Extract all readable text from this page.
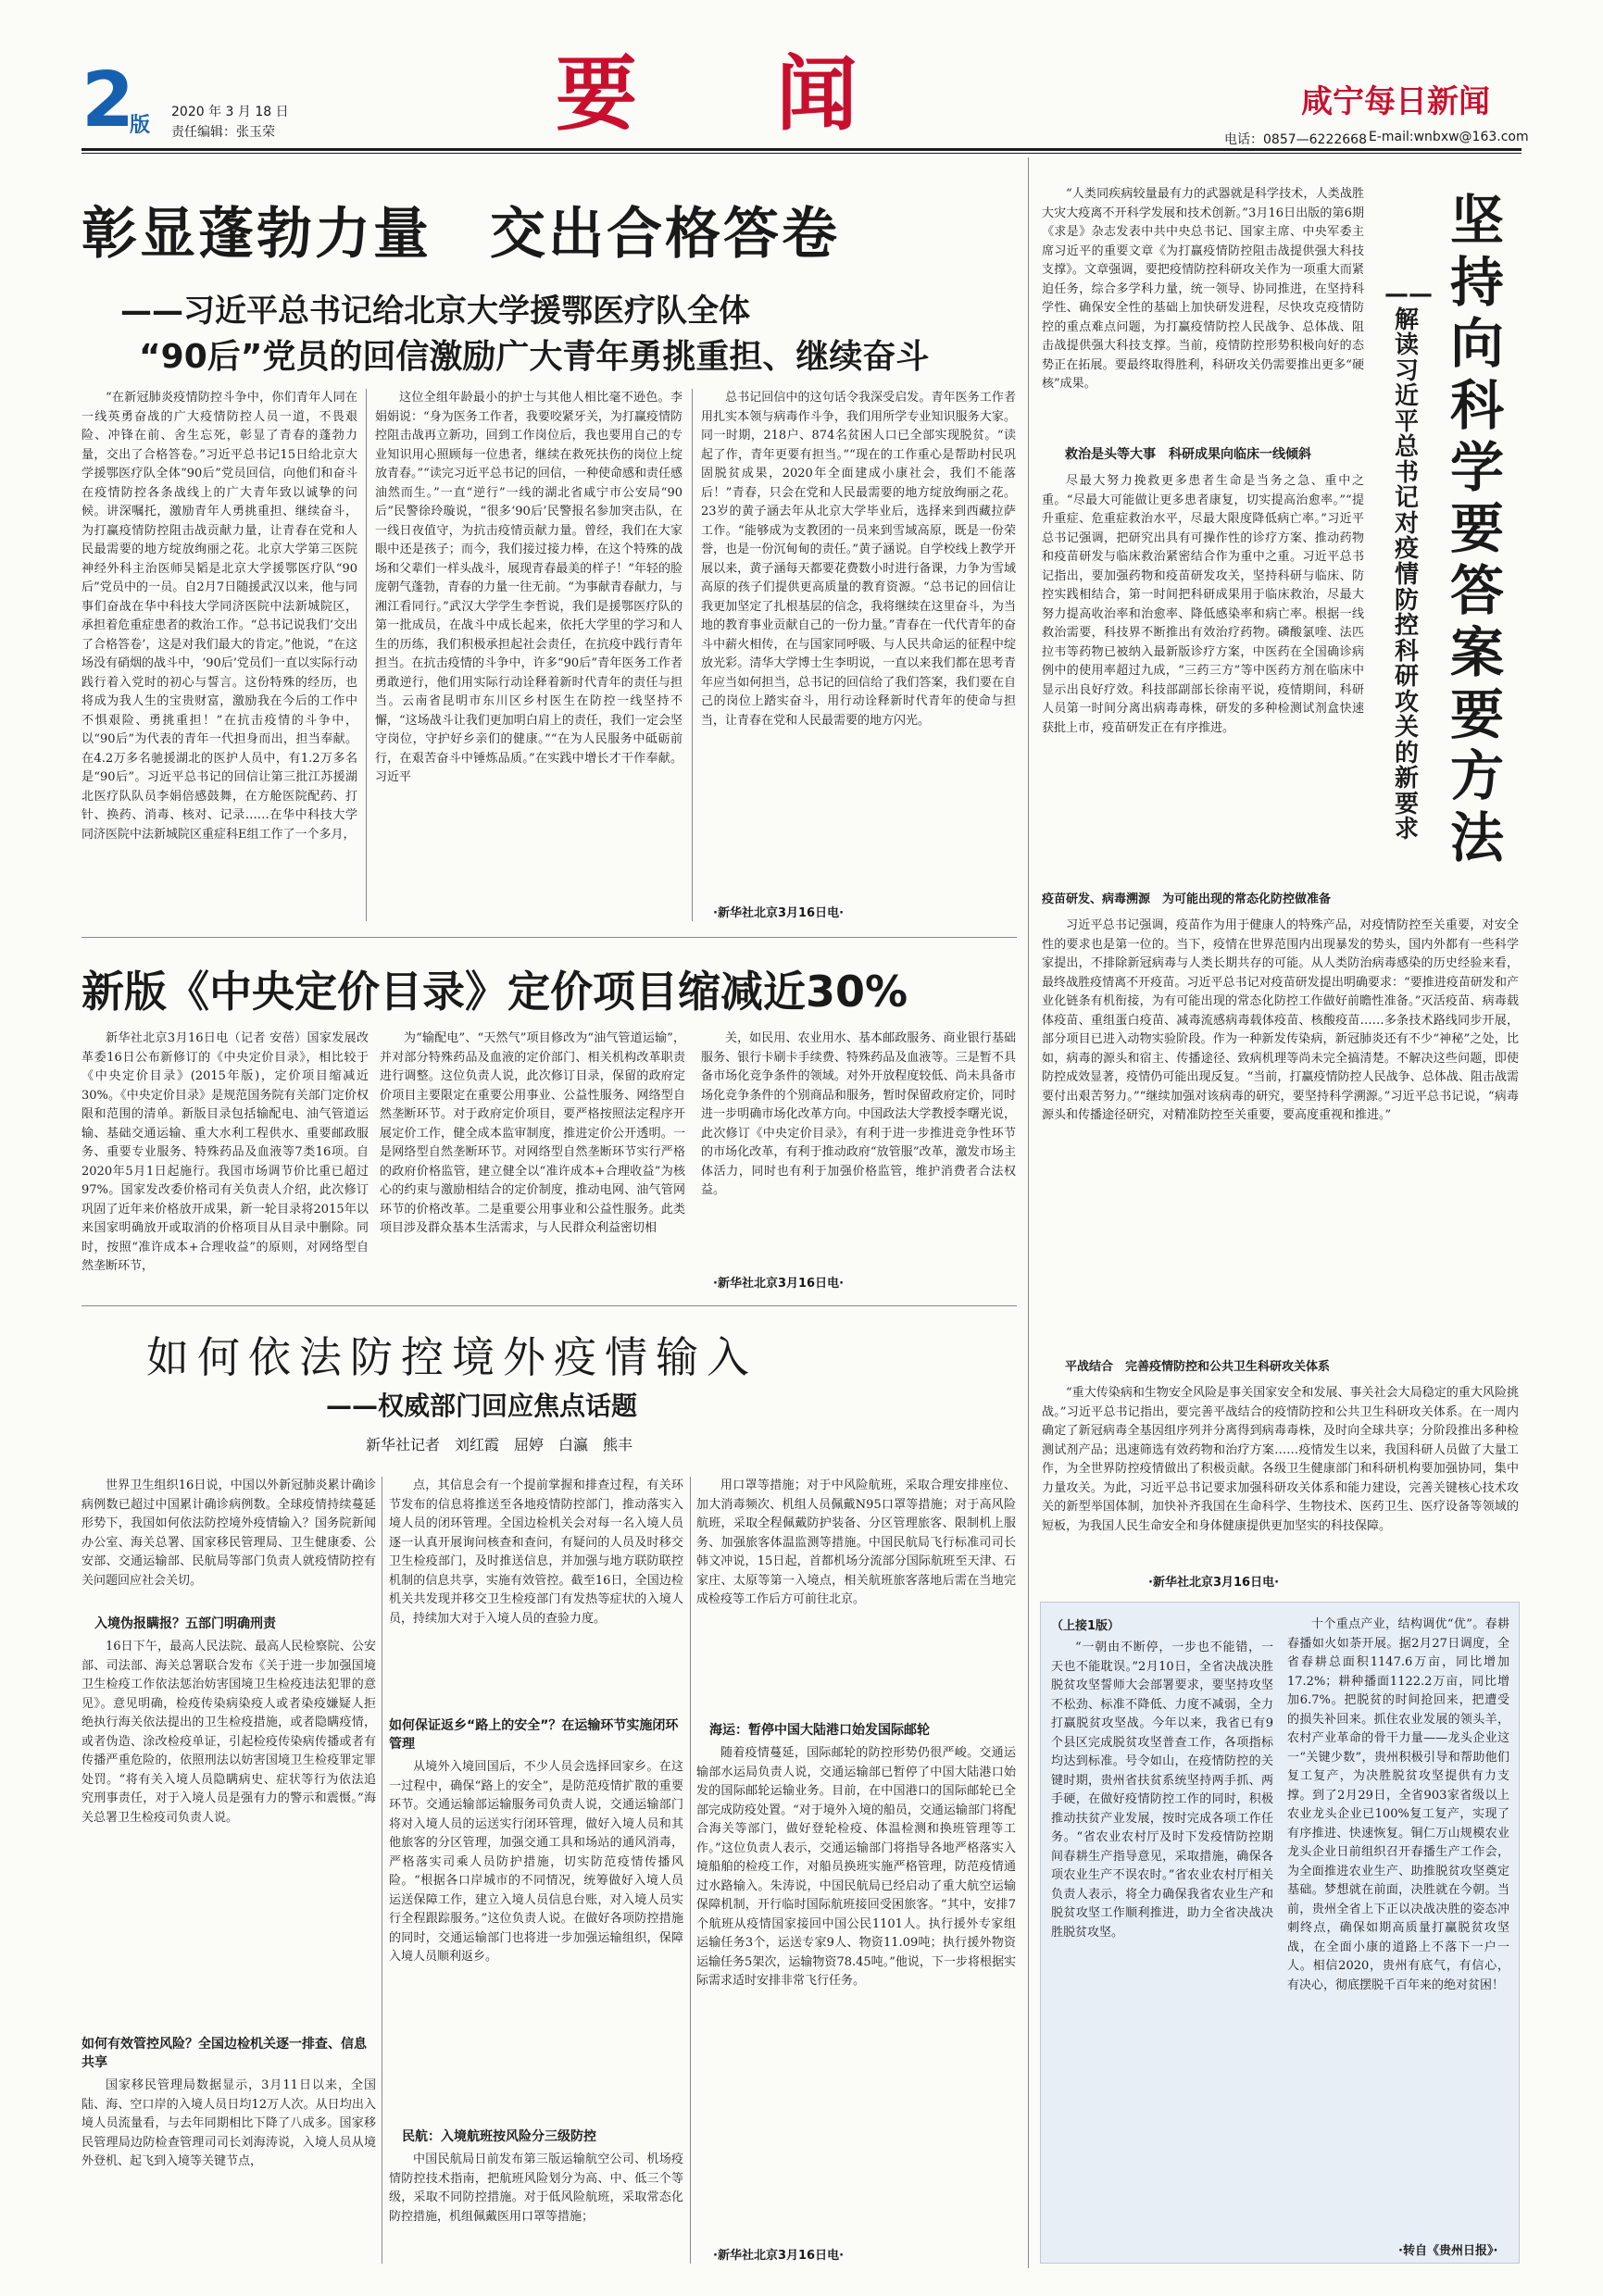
2
版
2020 年 3 月 18 日
责任编辑：张玉荣	要闻	咸宁每日新闻
电话：0857—6222668 E-mail:wnbxw@163.com
彰显蓬勃力量　交出合格答卷
——习近平总书记给北京大学援鄂医疗队全体
“90后”党员的回信激励广大青年勇挑重担、继续奋斗

“在新冠肺炎疫情防控斗争中，你们青年人同在一线英勇奋战的广大疫情防控人员一道，不畏艰险、冲锋在前、舍生忘死，彰显了青春的蓬勃力量，交出了合格答卷。”习近平总书记15日给北京大学援鄂医疗队全体“90后”党员回信，向他们和奋斗在疫情防控各条战线上的广大青年致以诚挚的问候。讲深嘱托，激励青年人勇挑重担、继续奋斗，为打赢疫情防控阻击战贡献力量，让青春在党和人民最需要的地方绽放绚丽之花。北京大学第三医院神经外科主治医师吴韬是北京大学援鄂医疗队“90后”党员中的一员。自2月7日随援武汉以来，他与同事们奋战在华中科技大学同济医院中法新城院区，承担着危重症患者的救治工作。“总书记说我们‘交出了合格答卷’，这是对我们最大的肯定。”他说，“在这场没有硝烟的战斗中，‘90后’党员们一直以实际行动践行着入党时的初心与誓言。这份特殊的经历，也将成为我人生的宝贵财富，激励我在今后的工作中不惧艰险、勇挑重担！”在抗击疫情的斗争中，以“90后”为代表的青年一代担身而出，担当奉献。在4.2万多名驰援湖北的医护人员中，有1.2万多名是“90后”。习近平总书记的回信让第三批江苏援湖北医疗队队员李娟倍感鼓舞，在方舱医院配药、打针、换药、消毒、核对、记录……在华中科技大学同济医院中法新城院区重症科E组工作了一个多月，

这位全组年龄最小的护士与其他人相比毫不逊色。李娟娟说：“身为医务工作者，我要咬紧牙关，为打赢疫情防控阻击战再立新功，回到工作岗位后，我也要用自己的专业知识用心照顾每一位患者，继续在救死扶伤的岗位上绽放青春。”“读完习近平总书记的回信，一种使命感和责任感油然而生。”一直“逆行”一线的湖北省咸宁市公安局“90后”民警徐玲璇说，“很多‘90后’民警报名参加突击队，在一线日夜值守，为抗击疫情贡献力量。曾经，我们在大家眼中还是孩子；而今，我们接过接力棒，在这个特殊的战场和父辈们一样头战斗，展现青春最美的样子！”年轻的脸庞朝气蓬勃，青春的力量一往无前。“为事献青春献力，与湘江看同行。”武汉大学学生李哲说，我们是援鄂医疗队的第一批成员，在战斗中成长起来，依托大学里的学习和人生的历练，我们积极承担起社会责任，在抗疫中践行青年担当。在抗击疫情的斗争中，许多“90后”青年医务工作者勇敢逆行，他们用实际行动诠释着新时代青年的责任与担当。云南省昆明市东川区乡村医生在防控一线坚持不懈，“这场战斗让我们更加明白肩上的责任，我们一定会坚守岗位，守护好乡亲们的健康。”“在为人民服务中砥砺前行，在艰苦奋斗中锤炼品质。”在实践中增长才干作奉献。习近平

总书记回信中的这句话令我深受启发。青年医务工作者用扎实本领与病毒作斗争，我们用所学专业知识服务大家。同一时期，218户、874名贫困人口已全部实现脱贫。“读起了作，青年更要有担当。”“现在的工作重心是帮助村民巩固脱贫成果，2020年全面建成小康社会，我们不能落后！”青春，只会在党和人民最需要的地方绽放绚丽之花。23岁的黄子涵去年从北京大学毕业后，选择来到西藏拉萨工作。“能够成为支教团的一员来到雪域高原，既是一份荣誉，也是一份沉甸甸的责任。”黄子涵说。自学校线上教学开展以来，黄子涵每天都要花费数小时进行备课，力争为雪域高原的孩子们提供更高质量的教育资源。“总书记的回信让我更加坚定了扎根基层的信念，我将继续在这里奋斗，为当地的教育事业贡献自己的一份力量。”青春在一代代青年的奋斗中薪火相传，在与国家同呼吸、与人民共命运的征程中绽放光彩。清华大学博士生李明说，一直以来我们都在思考青年应当如何担当，总书记的回信给了我们答案，我们要在自己的岗位上踏实奋斗，用行动诠释新时代青年的使命与担当，让青春在党和人民最需要的地方闪光。

·新华社北京3月16日电·
新版《中央定价目录》定价项目缩减近30%

新华社北京3月16日电（记者 安蓓）国家发展改革委16日公布新修订的《中央定价目录》，相比较于《中央定价目录》(2015年版)，定价项目缩减近30%。《中央定价目录》是规范国务院有关部门定价权限和范围的清单。新版目录包括输配电、油气管道运输、基础交通运输、重大水利工程供水、重要邮政服务、重要专业服务、特殊药品及血液等7类16项。自2020年5月1日起施行。我国市场调节价比重已超过97%。国家发改委价格司有关负责人介绍，此次修订巩固了近年来价格放开成果，新一轮目录将2015年以来国家明确放开或取消的价格项目从目录中删除。同时，按照“准许成本+合理收益”的原则，对网络型自然垄断环节，

为“输配电”、“天然气”项目修改为“油气管道运输”，并对部分特殊药品及血液的定价部门、相关机构改革职责进行调整。这位负责人说，此次修订目录，保留的政府定价项目主要限定在重要公用事业、公益性服务、网络型自然垄断环节。对于政府定价项目，要严格按照法定程序开展定价工作，健全成本监审制度，推进定价公开透明。一是网络型自然垄断环节。对网络型自然垄断环节实行严格的政府价格监管，建立健全以“准许成本+合理收益”为核心的约束与激励相结合的定价制度，推动电网、油气管网环节的价格改革。二是重要公用事业和公益性服务。此类项目涉及群众基本生活需求，与人民群众利益密切相

关，如民用、农业用水、基本邮政服务、商业银行基础服务、银行卡刷卡手续费、特殊药品及血液等。三是暂不具备市场化竞争条件的领域。对外开放程度较低、尚未具备市场化竞争条件的个别商品和服务，暂时保留政府定价，同时进一步明确市场化改革方向。中国政法大学教授李曙光说，此次修订《中央定价目录》，有利于进一步推进竞争性环节的市场化改革，有利于推动政府“放管服”改革，激发市场主体活力，同时也有利于加强价格监管，维护消费者合法权益。

·新华社北京3月16日电·
如何依法防控境外疫情输入
——权威部门回应焦点话题
新华社记者　刘红霞　屈婷　白瀛　熊丰

世界卫生组织16日说，中国以外新冠肺炎累计确诊病例数已超过中国累计确诊病例数。全球疫情持续蔓延形势下，我国如何依法防控境外疫情输入？国务院新闻办公室、海关总署、国家移民管理局、卫生健康委、公安部、交通运输部、民航局等部门负责人就疫情防控有关问题回应社会关切。

入境伪报瞒报？五部门明确刑责

16日下午，最高人民法院、最高人民检察院、公安部、司法部、海关总署联合发布《关于进一步加强国境卫生检疫工作依法惩治妨害国境卫生检疫违法犯罪的意见》。意见明确，检疫传染病染疫人或者染疫嫌疑人拒绝执行海关依法提出的卫生检疫措施，或者隐瞒疫情，或者伪造、涂改检疫单证，引起检疫传染病传播或者有传播严重危险的，依照刑法以妨害国境卫生检疫罪定罪处罚。“将有关入境人员隐瞒病史、症状等行为依法追究刑事责任，对于入境人员是强有力的警示和震慑。”海关总署卫生检疫司负责人说。

如何有效管控风险？全国边检机关逐一排查、信息共享

国家移民管理局数据显示，3月11日以来，全国陆、海、空口岸的入境人员日均12万人次。从日均出入境人员流量看，与去年同期相比下降了八成多。国家移民管理局边防检查管理司司长刘海涛说，入境人员从境外登机、起飞到入境等关键节点，

点，其信息会有一个提前掌握和排查过程，有关环节发布的信息将推送至各地疫情防控部门，推动落实入境人员的闭环管理。全国边检机关会对每一名入境人员逐一认真开展询问核查和查问，有疑问的人员及时移交卫生检疫部门，及时推送信息，并加强与地方联防联控机制的信息共享，实施有效管控。截至16日，全国边检机关共发现并移交卫生检疫部门有发热等症状的入境人员，持续加大对于入境人员的查验力度。

如何保证返乡“路上的安全”？在运输环节实施闭环管理

从境外入境回国后，不少人员会选择回家乡。在这一过程中，确保“路上的安全”，是防范疫情扩散的重要环节。交通运输部运输服务司负责人说，交通运输部门将对入境人员的运送实行闭环管理，做好入境人员和其他旅客的分区管理，加强交通工具和场站的通风消毒，严格落实司乘人员防护措施，切实防范疫情传播风险。“根据各口岸城市的不同情况，统筹做好入境人员运送保障工作，建立入境人员信息台账，对入境人员实行全程跟踪服务。”这位负责人说。在做好各项防控措施的同时，交通运输部门也将进一步加强运输组织，保障入境人员顺利返乡。

民航：入境航班按风险分三级防控

中国民航局日前发布第三版运输航空公司、机场疫情防控技术指南，把航班风险划分为高、中、低三个等级，采取不同防控措施。对于低风险航班，采取常态化防控措施，机组佩戴医用口罩等措施；

用口罩等措施；对于中风险航班，采取合理安排座位、加大消毒频次、机组人员佩戴N95口罩等措施；对于高风险航班，采取全程佩戴防护装备、分区管理旅客、限制机上服务、加强旅客体温监测等措施。中国民航局飞行标准司司长韩文冲说，15日起，首都机场分流部分国际航班至天津、石家庄、太原等第一入境点，相关航班旅客落地后需在当地完成检疫等工作后方可前往北京。

海运：暂停中国大陆港口始发国际邮轮

随着疫情蔓延，国际邮轮的防控形势仍很严峻。交通运输部水运局负责人说，交通运输部已暂停了中国大陆港口始发的国际邮轮运输业务。目前，在中国港口的国际邮轮已全部完成防疫处置。“对于境外入境的船员，交通运输部门将配合海关等部门，做好登轮检疫、体温检测和换班管理等工作。”这位负责人表示，交通运输部门将指导各地严格落实入境船舶的检疫工作，对船员换班实施严格管理，防范疫情通过水路输入。朱涛说，中国民航局已经启动了重大航空运输保障机制，开行临时国际航班接回受困旅客。“其中，安排7个航班从疫情国家接回中国公民1101人。执行援外专家组运输任务3个，运送专家9人、物资11.09吨；执行援外物资运输任务5架次，运输物资78.45吨。”他说，下一步将根据实际需求适时安排非常飞行任务。

·新华社北京3月16日电·
坚持向科学要答案要方法
——解读习近平总书记对疫情防控科研攻关的新要求

“人类同疾病较量最有力的武器就是科学技术，人类战胜大灾大疫离不开科学发展和技术创新。”3月16日出版的第6期《求是》杂志发表中共中央总书记、国家主席、中央军委主席习近平的重要文章《为打赢疫情防控阻击战提供强大科技支撑》。文章强调，要把疫情防控科研攻关作为一项重大而紧迫任务，综合多学科力量，统一领导、协同推进，在坚持科学性、确保安全性的基础上加快研发进程，尽快攻克疫情防控的重点难点问题，为打赢疫情防控人民战争、总体战、阻击战提供强大科技支撑。当前，疫情防控形势积极向好的态势正在拓展。要最终取得胜利，科研攻关仍需要推出更多“硬核”成果。

救治是头等大事　科研成果向临床一线倾斜

尽最大努力挽救更多患者生命是当务之急、重中之重。“尽最大可能做让更多患者康复，切实提高治愈率。”“提升重症、危重症救治水平，尽最大限度降低病亡率。”习近平总书记强调，把研究出具有可操作性的诊疗方案、推动药物和疫苗研发与临床救治紧密结合作为重中之重。习近平总书记指出，要加强药物和疫苗研发攻关，坚持科研与临床、防控实践相结合，第一时间把科研成果用于临床救治，尽最大努力提高收治率和治愈率、降低感染率和病亡率。根据一线救治需要，科技界不断推出有效治疗药物。磷酸氯喹、法匹拉韦等药物已被纳入最新版诊疗方案，中医药在全国确诊病例中的使用率超过九成，“三药三方”等中医药方剂在临床中显示出良好疗效。科技部副部长徐南平说，疫情期间，科研人员第一时间分离出病毒毒株，研发的多种检测试剂盒快速获批上市，疫苗研发正在有序推进。

疫苗研发、病毒溯源　为可能出现的常态化防控做准备

习近平总书记强调，疫苗作为用于健康人的特殊产品，对疫情防控至关重要，对安全性的要求也是第一位的。当下，疫情在世界范围内出现暴发的势头，国内外都有一些科学家提出，不排除新冠病毒与人类长期共存的可能。从人类防治病毒感染的历史经验来看，最终战胜疫情离不开疫苗。习近平总书记对疫苗研发提出明确要求：“要推进疫苗研发和产业化链条有机衔接，为有可能出现的常态化防控工作做好前瞻性准备。”灭活疫苗、病毒载体疫苗、重组蛋白疫苗、减毒流感病毒载体疫苗、核酸疫苗……多条技术路线同步开展，部分项目已进入动物实验阶段。作为一种新发传染病，新冠肺炎还有不少“神秘”之处，比如，病毒的源头和宿主、传播途径、致病机理等尚未完全搞清楚。不解决这些问题，即使防控成效显著，疫情仍可能出现反复。“当前，打赢疫情防控人民战争、总体战、阻击战需要付出艰苦努力。”“继续加强对该病毒的研究，要坚持科学溯源。”习近平总书记说，“病毒源头和传播途径研究，对精准防控至关重要，要高度重视和推进。”

平战结合　完善疫情防控和公共卫生科研攻关体系

“重大传染病和生物安全风险是事关国家安全和发展、事关社会大局稳定的重大风险挑战。”习近平总书记指出，要完善平战结合的疫情防控和公共卫生科研攻关体系。在一周内确定了新冠病毒全基因组序列并分离得到病毒毒株，及时向全球共享；分阶段推出多种检测试剂产品；迅速筛选有效药物和治疗方案……疫情发生以来，我国科研人员做了大量工作，为全世界防控疫情做出了积极贡献。各级卫生健康部门和科研机构要加强协同，集中力量攻关。为此，习近平总书记要求加强科研攻关体系和能力建设，完善关键核心技术攻关的新型举国体制，加快补齐我国在生命科学、生物技术、医药卫生、医疗设备等领域的短板，为我国人民生命安全和身体健康提供更加坚实的科技保障。

·新华社北京3月16日电·
（上接1版）

“一朝由不断停，一步也不能错，一天也不能耽误。”2月10日，全省决战决胜脱贫攻坚誓师大会部署要求，要坚持攻坚不松劲、标准不降低、力度不减弱，全力打赢脱贫攻坚战。今年以来，我省已有9个县区完成脱贫攻坚普查工作，各项指标均达到标准。号令如山，在疫情防控的关键时期，贵州省扶贫系统坚持两手抓、两手硬，在做好疫情防控工作的同时，积极推动扶贫产业发展，按时完成各项工作任务。“省农业农村厅及时下发疫情防控期间春耕生产指导意见，采取措施，确保各项农业生产不误农时。”省农业农村厅相关负责人表示，将全力确保我省农业生产和脱贫攻坚工作顺利推进，助力全省决战决胜脱贫攻坚。

十个重点产业，结构调优“优”。春耕春播如火如荼开展。据2月27日调度，全省春耕总面积1147.6万亩，同比增加17.2%；耕种播面1122.2万亩，同比增加6.7%。把脱贫的时间抢回来，把遭受的损失补回来。抓住农业发展的领头羊，农村产业革命的骨干力量——龙头企业这一“关键少数”，贵州积极引导和帮助他们复工复产，为决胜脱贫攻坚提供有力支撑。到了2月29日，全省903家省级以上农业龙头企业已100%复工复产，实现了有序推进、快速恢复。铜仁万山规模农业龙头企业日前组织召开春播生产工作会，为全面推进农业生产、助推脱贫攻坚奠定基础。梦想就在前面，决胜就在今朝。当前，贵州全省上下正以决战决胜的姿态冲刺终点，确保如期高质量打赢脱贫攻坚战，在全面小康的道路上不落下一户一人。相信2020，贵州有底气，有信心，有决心，彻底摆脱千百年来的绝对贫困！

·转自《贵州日报》·
